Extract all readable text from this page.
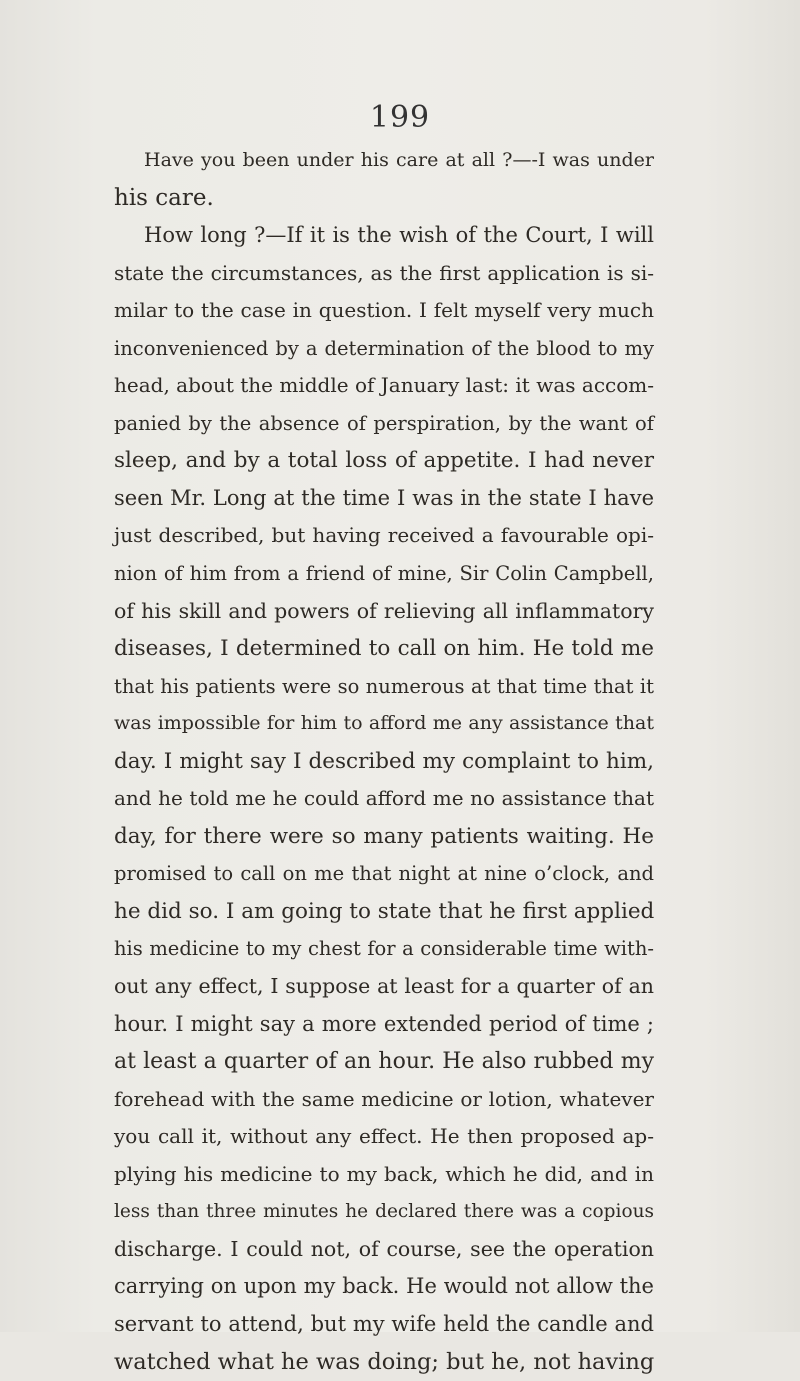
199
Have you been under his care at all ?—-I was under
his care.
How long ?—If it is the wish of the Court, I will
state the circumstances, as the first application is si-
milar to the case in question. I felt myself very much
inconvenienced by a determination of the blood to my
head, about the middle of January last: it was accom-
panied by the absence of perspiration, by the want of
sleep, and by a total loss of appetite. I had never
seen Mr. Long at the time I was in the state I have
just described, but having received a favourable opi-
nion of him from a friend of mine, Sir Colin Campbell,
of his skill and powers of relieving all inflammatory
diseases, I determined to call on him. He told me
that his patients were so numerous at that time that it
was impossible for him to afford me any assistance that
day. I might say I described my complaint to him,
and he told me he could afford me no assistance that
day, for there were so many patients waiting. He
promised to call on me that night at nine o’clock, and
he did so. I am going to state that he first applied
his medicine to my chest for a considerable time with-
out any effect, I suppose at least for a quarter of an
hour. I might say a more extended period of time ;
at least a quarter of an hour. He also rubbed my
forehead with the same medicine or lotion, whatever
you call it, without any effect. He then proposed ap-
plying his medicine to my back, which he did, and in
less than three minutes he declared there was a copious
discharge. I could not, of course, see the operation
carrying on upon my back. He would not allow the
servant to attend, but my wife held the candle and
watched what he was doing; but he, not having
